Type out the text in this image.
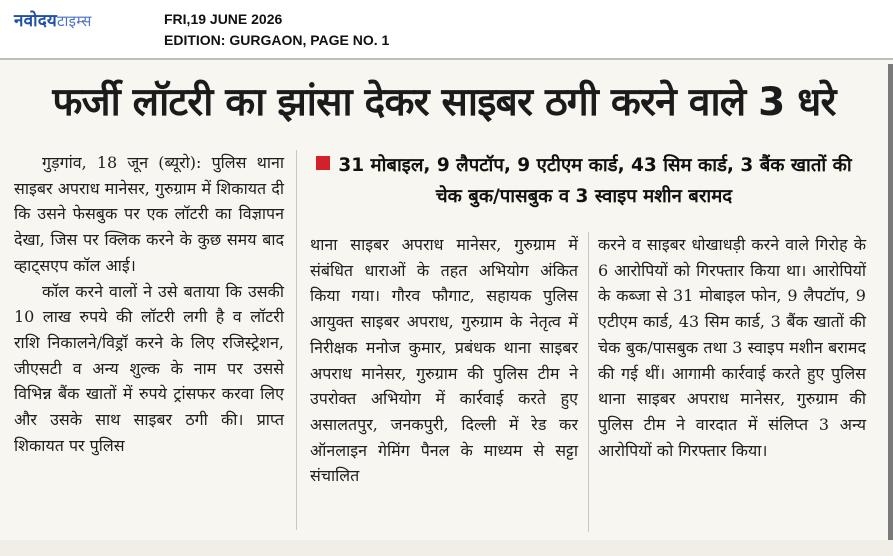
नवोदयटाइम्स	FRI,19 JUNE 2026
EDITION: GURGAON, PAGE NO. 1
फर्जी लॉटरी का झांसा देकर साइबर ठगी करने वाले 3 धरे

गुड़गांव, 18 जून (ब्यूरो): पुलिस थाना साइबर अपराध मानेसर, गुरुग्राम में शिकायत दी कि उसने फेसबुक पर एक लॉटरी का विज्ञापन देखा, जिस पर क्लिक करने के कुछ समय बाद व्हाट्सएप कॉल आई।

कॉल करने वालों ने उसे बताया कि उसकी 10 लाख रुपये की लॉटरी लगी है व लॉटरी राशि निकालने/विड्रॉ करने के लिए रजिस्ट्रेशन, जीएसटी व अन्य शुल्क के नाम पर उससे विभिन्न बैंक खातों में रुपये ट्रांसफर करवा लिए और उसके साथ साइबर ठगी की। प्राप्त शिकायत पर पुलिस

31 मोबाइल, 9 लैपटॉप, 9 एटीएम कार्ड, 43 सिम कार्ड, 3 बैंक खातों की चेक बुक/पासबुक व 3 स्वाइप मशीन बरामद

थाना साइबर अपराध मानेसर, गुरुग्राम में संबंधित धाराओं के तहत अभियोग अंकित किया गया। गौरव फौगाट, सहायक पुलिस आयुक्त साइबर अपराध, गुरुग्राम के नेतृत्व में निरीक्षक मनोज कुमार, प्रबंधक थाना साइबर अपराध मानेसर, गुरुग्राम की पुलिस टीम ने उपरोक्त अभियोग में कार्रवाई करते हुए असालतपुर, जनकपुरी, दिल्ली में रेड कर ऑनलाइन गेमिंग पैनल के माध्यम से सट्टा संचालित

करने व साइबर धोखाधड़ी करने वाले गिरोह के 6 आरोपियों को गिरफ्तार किया था। आरोपियों के कब्जा से 31 मोबाइल फोन, 9 लैपटॉप, 9 एटीएम कार्ड, 43 सिम कार्ड, 3 बैंक खातों की चेक बुक/पासबुक तथा 3 स्वाइप मशीन बरामद की गई थीं। आगामी कार्रवाई करते हुए पुलिस थाना साइबर अपराध मानेसर, गुरुग्राम की पुलिस टीम ने वारदात में संलिप्त 3 अन्य आरोपियों को गिरफ्तार किया।
